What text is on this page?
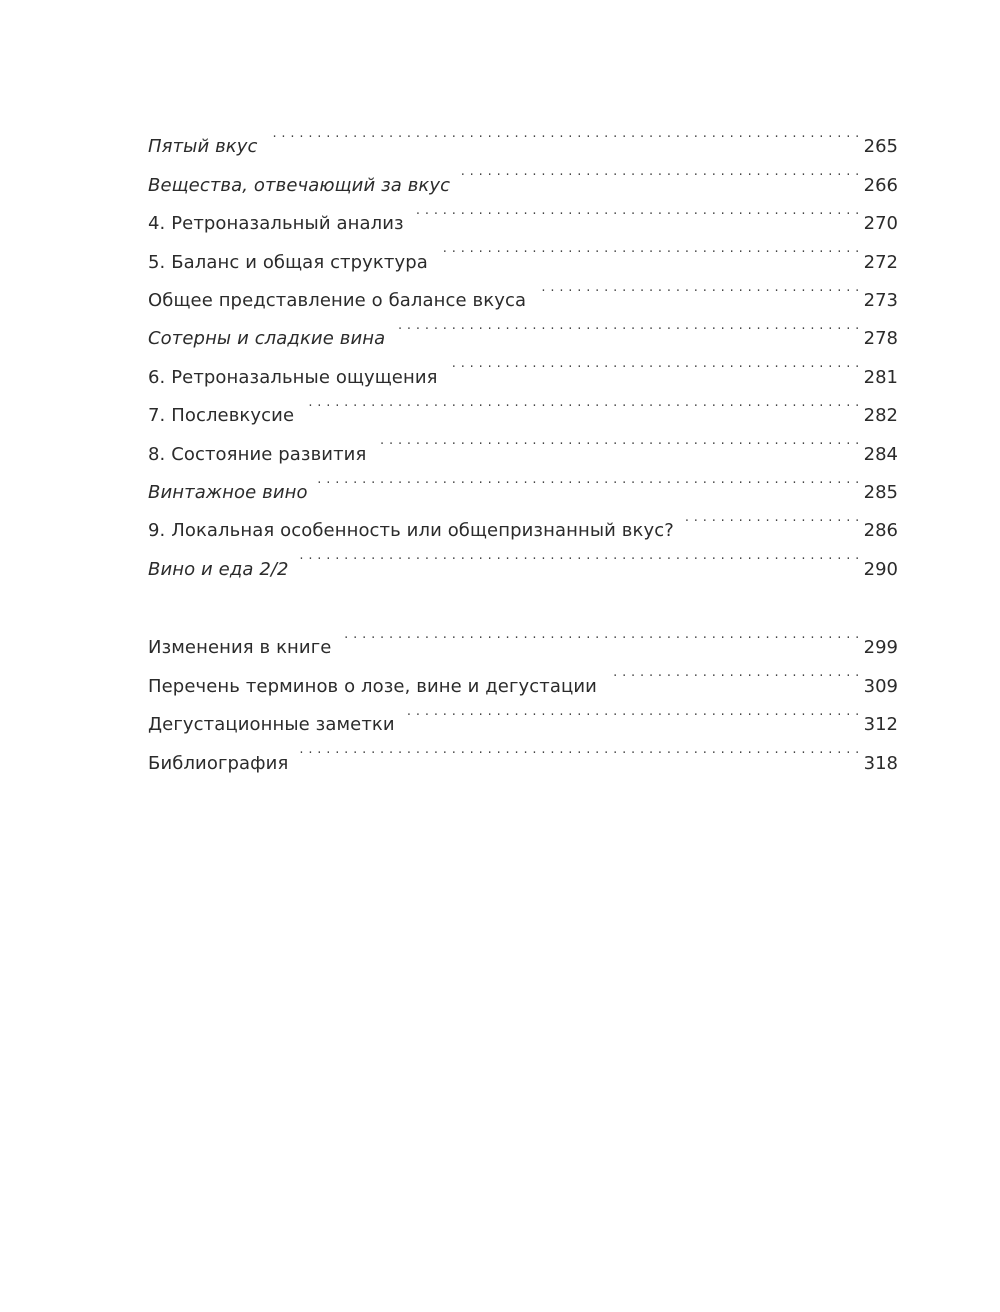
Пятый вкус . . .	265
Вещества, отвечающий за вкус . . .	266
4. Ретроназальный анализ . . .	270
5. Баланс и общая структура . . .	272
Общее представление о балансе вкуса . . .	273
Сотерны и сладкие вина . . .	278
6. Ретроназальные ощущения . . .	281
7. Послевкусие . . .	282
8. Состояние развития . . .	284
Винтажное вино . . .	285
9. Локальная особенность или общепризнанный вкус? . . .	286
Вино и еда 2/2 . . .	290
Изменения в книге . . .	299
Перечень терминов о лозе, вине и дегустации . . .	309
Дегустационные заметки . . .	312
Библиография . . .	318
